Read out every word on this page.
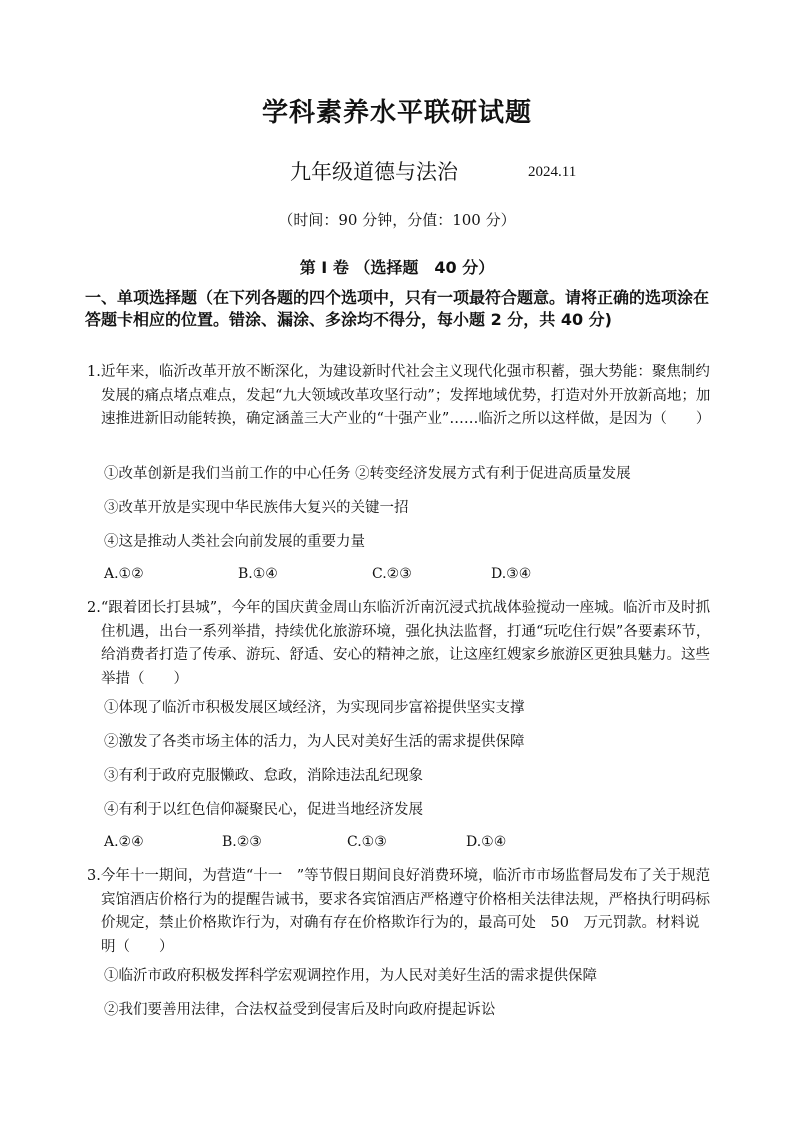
学科素养水平联研试题
九年级道德与法治	2024.11
（时间：90 分钟，分值：100 分）
第 Ⅰ 卷 （选择题　40 分）
一、单项选择题（在下列各题的四个选项中，只有一项最符合题意。请将正确的选项涂在答题卡相应的位置。错涂、漏涂、多涂均不得分，每小题 2 分，共 40 分)

1.近年来，临沂改革开放不断深化，为建设新时代社会主义现代化强市积蓄，强大势能：聚焦制约发展的痛点堵点难点，发起“九大领域改革攻坚行动”；发挥地域优势，打造对外开放新高地；加速推进新旧动能转换，确定涵盖三大产业的“十强产业”……临沂之所以这样做，是因为（　　）

①改革创新是我们当前工作的中心任务 ②转变经济发展方式有利于促进高质量发展
③改革开放是实现中华民族伟大复兴的关键一招
④这是推动人类社会向前发展的重要力量
A.①②	B.①④	C.②③	D.③④

2.“跟着团长打县城”，今年的国庆黄金周山东临沂沂南沉浸式抗战体验搅动一座城。临沂市及时抓住机遇，出台一系列举措，持续优化旅游环境，强化执法监督，打通“玩吃住行娱”各要素环节，给消费者打造了传承、游玩、舒适、安心的精神之旅，让这座红嫂家乡旅游区更独具魅力。这些举措（　　）

①体现了临沂市积极发展区域经济，为实现同步富裕提供坚实支撑
②激发了各类市场主体的活力，为人民对美好生活的需求提供保障
③有利于政府克服懒政、怠政，消除违法乱纪现象
④有利于以红色信仰凝聚民心，促进当地经济发展
A.②④	B.②③	C.①③	D.①④

3.今年十一期间，为营造“十一　”等节假日期间良好消费环境，临沂市市场监督局发布了关于规范宾馆酒店价格行为的提醒告诫书，要求各宾馆酒店严格遵守价格相关法律法规，严格执行明码标价规定，禁止价格欺诈行为，对确有存在价格欺诈行为的，最高可处　50　万元罚款。材料说明（　　）

①临沂市政府积极发挥科学宏观调控作用，为人民对美好生活的需求提供保障
②我们要善用法律，合法权益受到侵害后及时向政府提起诉讼
